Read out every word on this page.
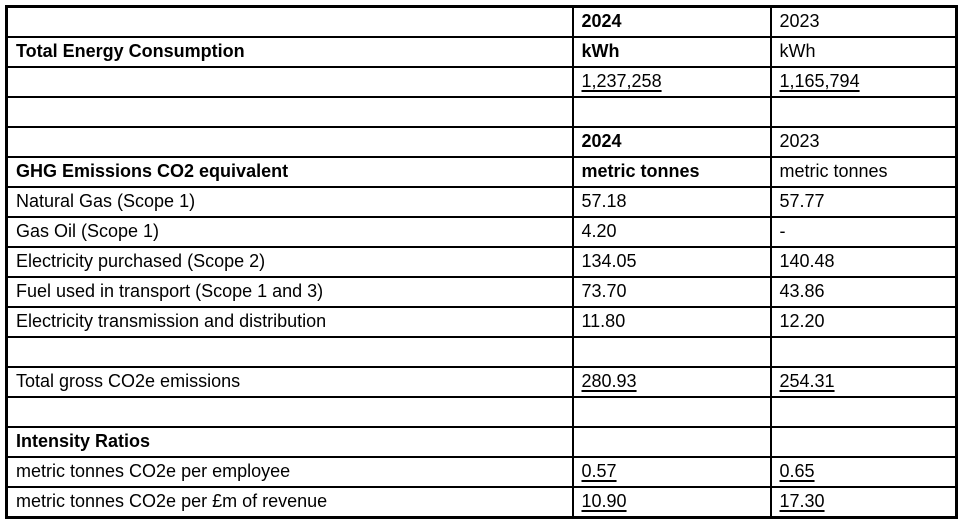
	2024	2023
Total Energy Consumption	kWh	kWh
	1,237,258	1,165,794

	2024	2023
GHG Emissions CO2 equivalent	metric tonnes	metric tonnes
Natural Gas (Scope 1)	57.18	57.77
Gas Oil (Scope 1)	4.20	-
Electricity purchased (Scope 2)	134.05	140.48
Fuel used in transport (Scope 1 and 3)	73.70	43.86
Electricity transmission and distribution	11.80	12.20

Total gross CO2e emissions	280.93	254.31

Intensity Ratios		
metric tonnes CO2e per employee	0.57	0.65
metric tonnes CO2e per £m of revenue	10.90	17.30
